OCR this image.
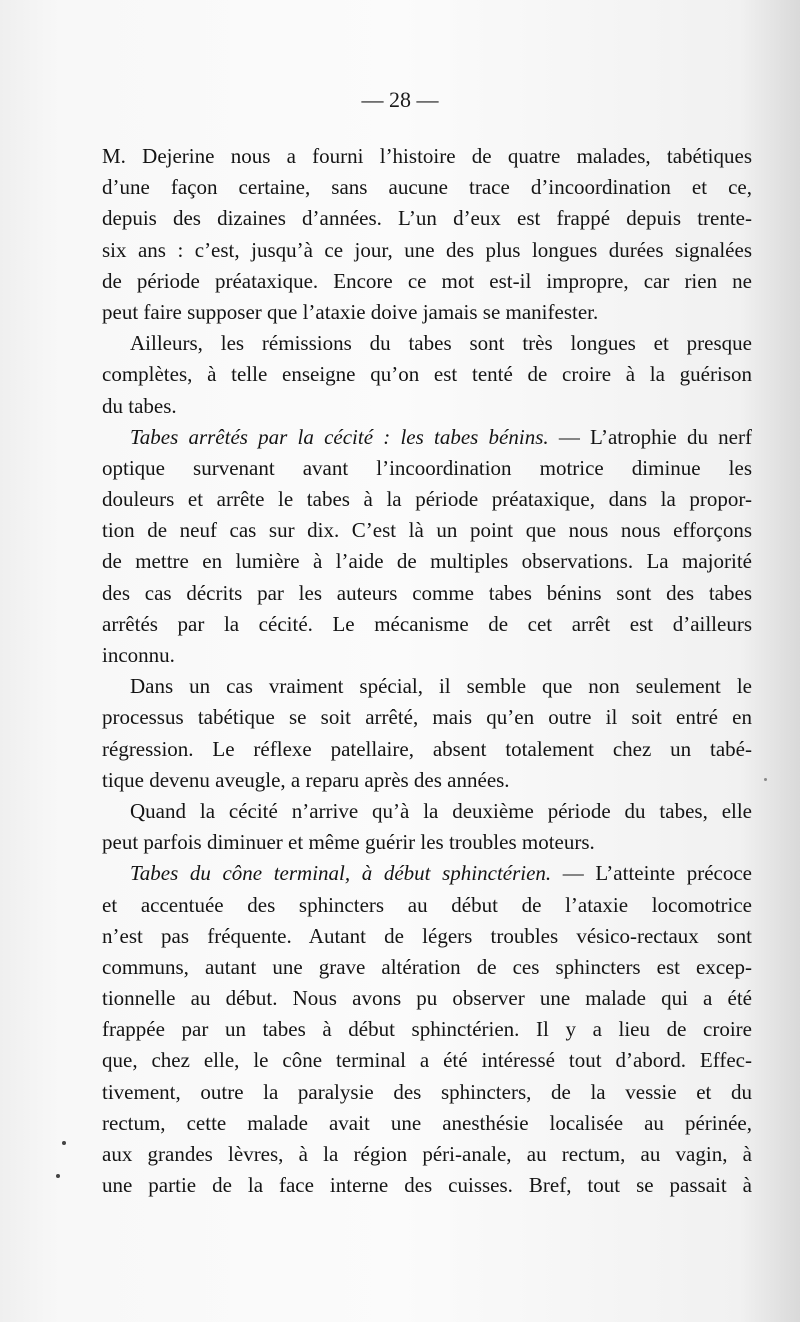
— 28 —
M. Dejerine nous a fourni l’histoire de quatre malades, tabétiques
d’une façon certaine, sans aucune trace d’incoordination et ce,
depuis des dizaines d’années. L’un d’eux est frappé depuis trente-
six ans : c’est, jusqu’à ce jour, une des plus longues durées signalées
de période préataxique. Encore ce mot est-il impropre, car rien ne
peut faire supposer que l’ataxie doive jamais se manifester.
Ailleurs, les rémissions du tabes sont très longues et presque
complètes, à telle enseigne qu’on est tenté de croire à la guérison
du tabes.
Tabes arrêtés par la cécité : les tabes bénins. — L’atrophie du nerf
optique survenant avant l’incoordination motrice diminue les
douleurs et arrête le tabes à la période préataxique, dans la propor-
tion de neuf cas sur dix. C’est là un point que nous nous efforçons
de mettre en lumière à l’aide de multiples observations. La majorité
des cas décrits par les auteurs comme tabes bénins sont des tabes
arrêtés par la cécité. Le mécanisme de cet arrêt est d’ailleurs
inconnu.
Dans un cas vraiment spécial, il semble que non seulement le
processus tabétique se soit arrêté, mais qu’en outre il soit entré en
régression. Le réflexe patellaire, absent totalement chez un tabé-
tique devenu aveugle, a reparu après des années.
Quand la cécité n’arrive qu’à la deuxième période du tabes, elle
peut parfois diminuer et même guérir les troubles moteurs.
Tabes du cône terminal, à début sphinctérien. — L’atteinte précoce
et accentuée des sphincters au début de l’ataxie locomotrice
n’est pas fréquente. Autant de légers troubles vésico-rectaux sont
communs, autant une grave altération de ces sphincters est excep-
tionnelle au début. Nous avons pu observer une malade qui a été
frappée par un tabes à début sphinctérien. Il y a lieu de croire
que, chez elle, le cône terminal a été intéressé tout d’abord. Effec-
tivement, outre la paralysie des sphincters, de la vessie et du
rectum, cette malade avait une anesthésie localisée au périnée,
aux grandes lèvres, à la région péri-anale, au rectum, au vagin, à
une partie de la face interne des cuisses. Bref, tout se passait à
